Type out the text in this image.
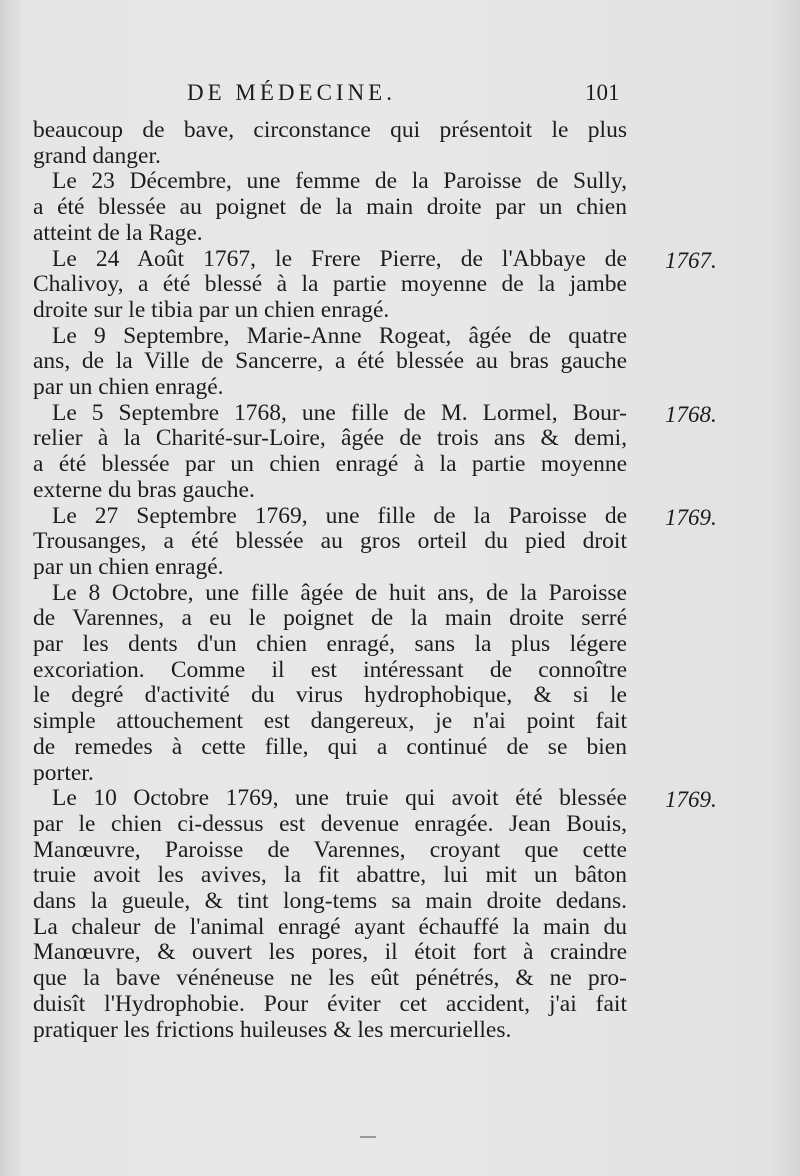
DE MÉDECINE.	101
beaucoup de bave, circonstance qui présentoit le plus
grand danger.
Le 23 Décembre, une femme de la Paroisse de Sully,
a été blessée au poignet de la main droite par un chien
atteint de la Rage.
Le 24 Août 1767, le Frere Pierre, de l'Abbaye de
Chalivoy, a été blessé à la partie moyenne de la jambe
droite sur le tibia par un chien enragé.
Le 9 Septembre, Marie-Anne Rogeat, âgée de quatre
ans, de la Ville de Sancerre, a été blessée au bras gauche
par un chien enragé.
Le 5 Septembre 1768, une fille de M. Lormel, Bour-
relier à la Charité-sur-Loire, âgée de trois ans & demi,
a été blessée par un chien enragé à la partie moyenne
externe du bras gauche.
Le 27 Septembre 1769, une fille de la Paroisse de
Trousanges, a été blessée au gros orteil du pied droit
par un chien enragé.
Le 8 Octobre, une fille âgée de huit ans, de la Paroisse
de Varennes, a eu le poignet de la main droite serré
par les dents d'un chien enragé, sans la plus légere
excoriation. Comme il est intéressant de connoître
le degré d'activité du virus hydrophobique, & si le
simple attouchement est dangereux, je n'ai point fait
de remedes à cette fille, qui a continué de se bien
porter.
Le 10 Octobre 1769, une truie qui avoit été blessée
par le chien ci-dessus est devenue enragée. Jean Bouis,
Manœuvre, Paroisse de Varennes, croyant que cette
truie avoit les avives, la fit abattre, lui mit un bâton
dans la gueule, & tint long-tems sa main droite dedans.
La chaleur de l'animal enragé ayant échauffé la main du
Manœuvre, & ouvert les pores, il étoit fort à craindre
que la bave vénéneuse ne les eût pénétrés, & ne pro-
duisît l'Hydrophobie. Pour éviter cet accident, j'ai fait
pratiquer les frictions huileuses & les mercurielles.
1767.
1768.
1769.
1769.
